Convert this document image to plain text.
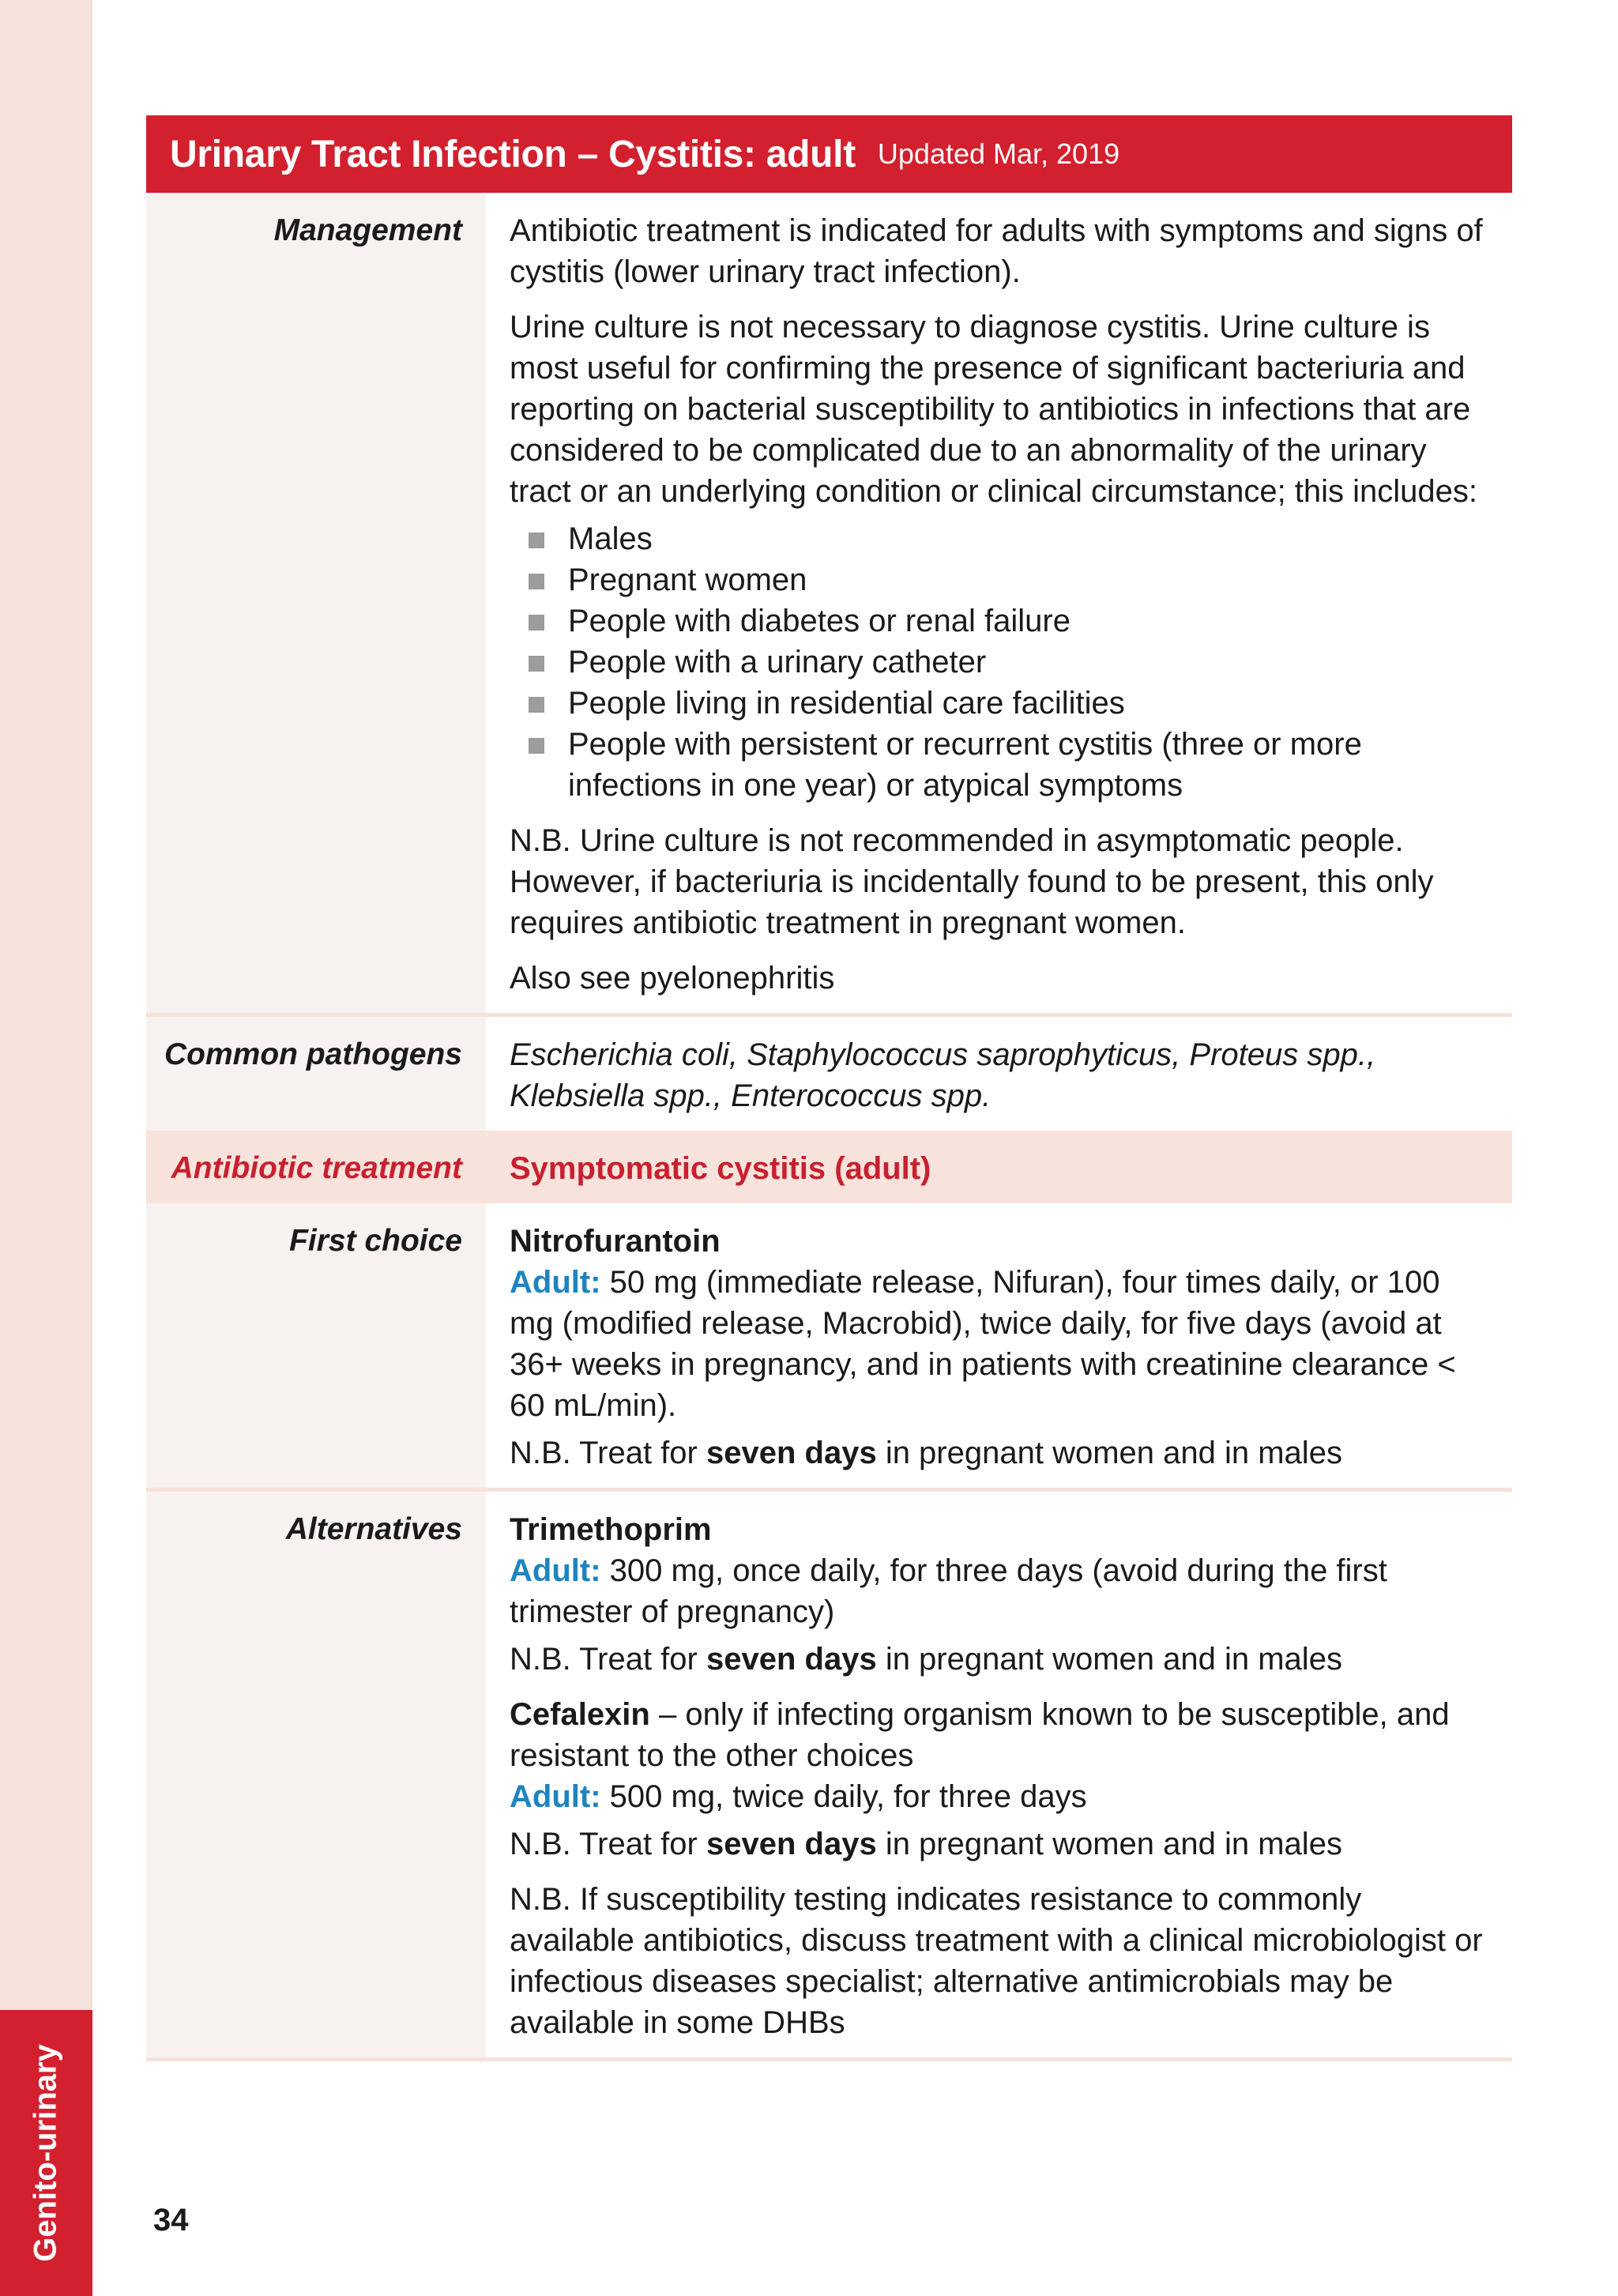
Genito-urinary	34
Urinary Tract Infection – Cystitis: adult Updated Mar, 2019
Management	Antibiotic treatment is indicated for adults with symptoms and signs of cystitis (lower urinary tract infection).

Urine culture is not necessary to diagnose cystitis. Urine culture is most useful for confirming the presence of significant bacteriuria and reporting on bacterial susceptibility to antibiotics in infections that are considered to be complicated due to an abnormality of the urinary tract or an underlying condition or clinical circumstance; this includes:

Males
Pregnant women
People with diabetes or renal failure
People with a urinary catheter
People living in residential care facilities
People with persistent or recurrent cystitis (three or more infections in one year) or atypical symptoms

N.B. Urine culture is not recommended in asymptomatic people. However, if bacteriuria is incidentally found to be present, this only requires antibiotic treatment in pregnant women.

Also see pyelonephritis

Common pathogens	Escherichia coli, Staphylococcus saprophyticus, Proteus spp., Klebsiella spp., Enterococcus spp.

Antibiotic treatment	Symptomatic cystitis (adult)
First choice	Nitrofurantoin
Adult: 50 mg (immediate release, Nifuran), four times daily, or 100 mg (modified release, Macrobid), twice daily, for five days (avoid at 36+ weeks in pregnancy, and in patients with creatinine clearance < 60 mL/min).

N.B. Treat for seven days in pregnant women and in males

Alternatives	Trimethoprim
Adult: 300 mg, once daily, for three days (avoid during the first trimester of pregnancy)

N.B. Treat for seven days in pregnant women and in males

Cefalexin – only if infecting organism known to be susceptible, and resistant to the other choices
Adult: 500 mg, twice daily, for three days

N.B. Treat for seven days in pregnant women and in males

N.B. If susceptibility testing indicates resistance to commonly available antibiotics, discuss treatment with a clinical microbiologist or infectious diseases specialist; alternative antimicrobials may be available in some DHBs
